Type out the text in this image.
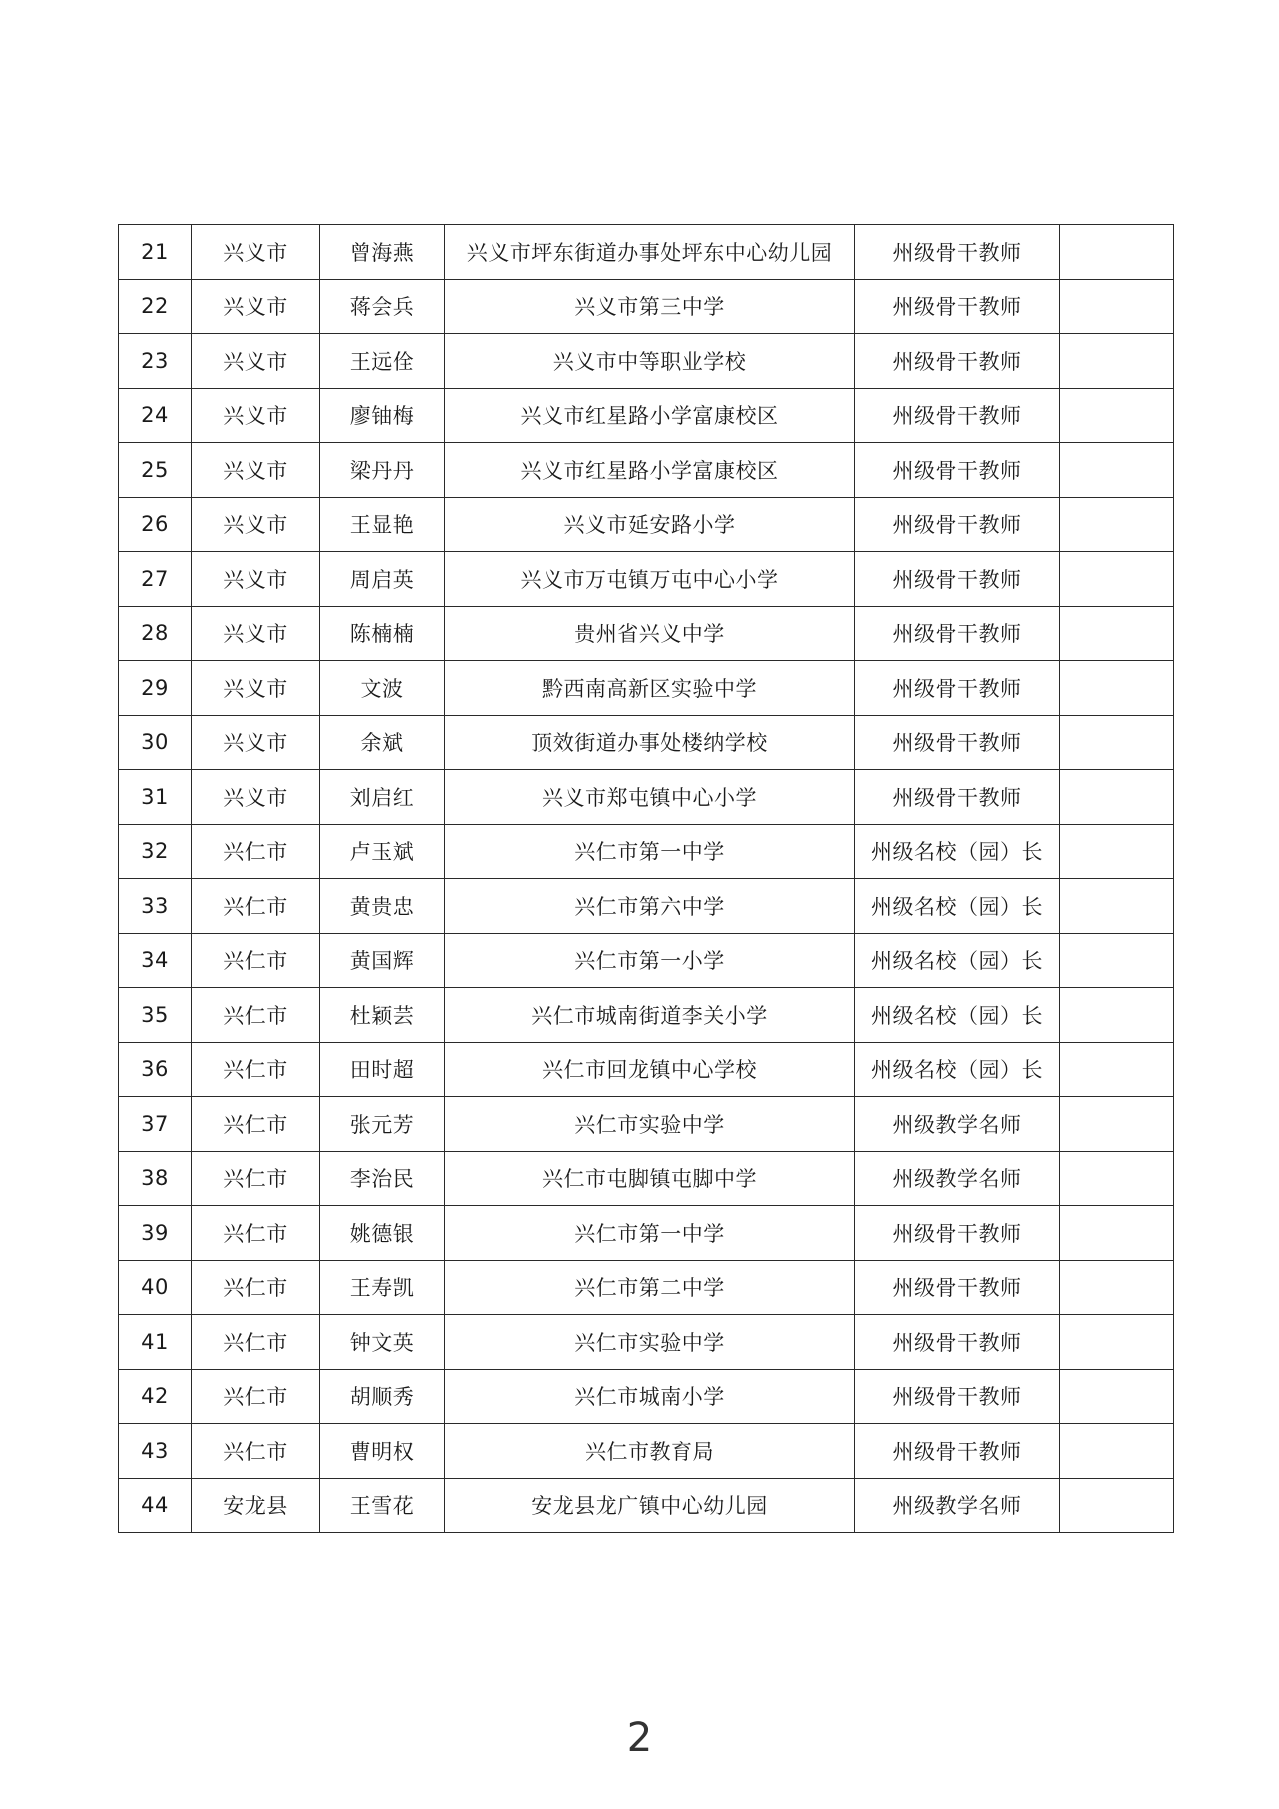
21	兴义市	曾海燕	兴义市坪东街道办事处坪东中心幼儿园	州级骨干教师	
22	兴义市	蒋会兵	兴义市第三中学	州级骨干教师	
23	兴义市	王远佺	兴义市中等职业学校	州级骨干教师	
24	兴义市	廖铀梅	兴义市红星路小学富康校区	州级骨干教师	
25	兴义市	梁丹丹	兴义市红星路小学富康校区	州级骨干教师	
26	兴义市	王显艳	兴义市延安路小学	州级骨干教师	
27	兴义市	周启英	兴义市万屯镇万屯中心小学	州级骨干教师	
28	兴义市	陈楠楠	贵州省兴义中学	州级骨干教师	
29	兴义市	文波	黔西南高新区实验中学	州级骨干教师	
30	兴义市	余斌	顶效街道办事处楼纳学校	州级骨干教师	
31	兴义市	刘启红	兴义市郑屯镇中心小学	州级骨干教师	
32	兴仁市	卢玉斌	兴仁市第一中学	州级名校（园）长	
33	兴仁市	黄贵忠	兴仁市第六中学	州级名校（园）长	
34	兴仁市	黄国辉	兴仁市第一小学	州级名校（园）长	
35	兴仁市	杜颖芸	兴仁市城南街道李关小学	州级名校（园）长	
36	兴仁市	田时超	兴仁市回龙镇中心学校	州级名校（园）长	
37	兴仁市	张元芳	兴仁市实验中学	州级教学名师	
38	兴仁市	李治民	兴仁市屯脚镇屯脚中学	州级教学名师	
39	兴仁市	姚德银	兴仁市第一中学	州级骨干教师	
40	兴仁市	王寿凯	兴仁市第二中学	州级骨干教师	
41	兴仁市	钟文英	兴仁市实验中学	州级骨干教师	
42	兴仁市	胡顺秀	兴仁市城南小学	州级骨干教师	
43	兴仁市	曹明权	兴仁市教育局	州级骨干教师	
44	安龙县	王雪花	安龙县龙广镇中心幼儿园	州级教学名师	
2
